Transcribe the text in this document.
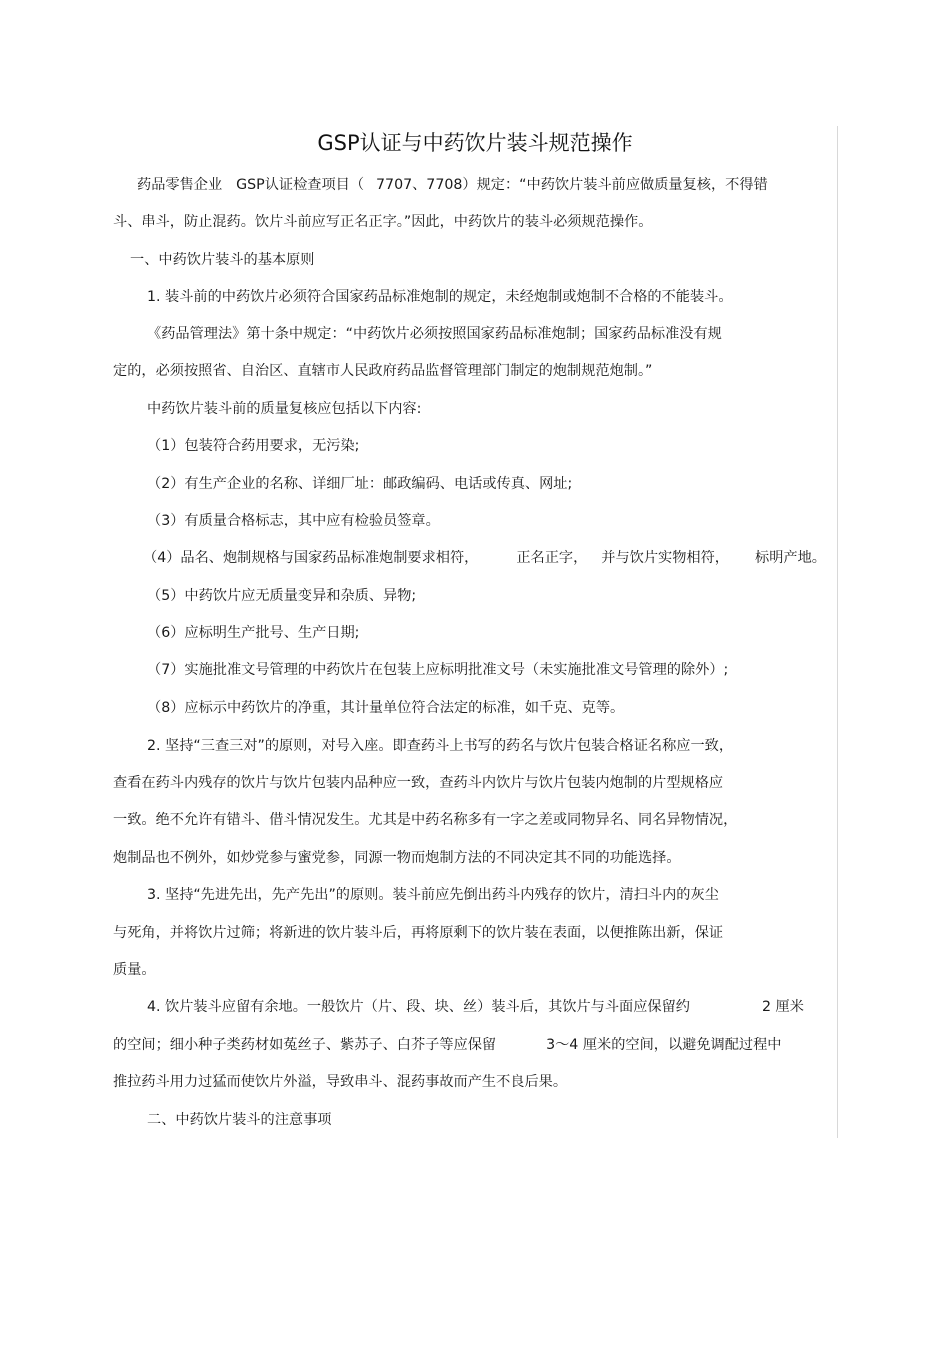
GSP认证与中药饮片装斗规范操作
药品零售企业 GSP认证检查项目（ 7707、7708）规定：“中药饮片装斗前应做质量复核，不得错
斗、串斗，防止混药。饮片斗前应写正名正字。”因此，中药饮片的装斗必须规范操作。
一、中药饮片装斗的基本原则
1. 装斗前的中药饮片必须符合国家药品标准炮制的规定，未经炮制或炮制不合格的不能装斗。
《药品管理法》第十条中规定：“中药饮片必须按照国家药品标准炮制；国家药品标准没有规
定的，必须按照省、自治区、直辖市人民政府药品监督管理部门制定的炮制规范炮制。”
中药饮片装斗前的质量复核应包括以下内容:
（1）包装符合药用要求，无污染;
（2）有生产企业的名称、详细厂址：邮政编码、电话或传真、网址;
（3）有质量合格标志，其中应有检验员签章。
（4）品名、炮制规格与国家药品标准炮制要求相符，	正名正字， 并与饮片实物相符， 标明产地。
（5）中药饮片应无质量变异和杂质、异物;
（6）应标明生产批号、生产日期;
（7）实施批准文号管理的中药饮片在包装上应标明批准文号（未实施批准文号管理的除外）;
（8）应标示中药饮片的净重，其计量单位符合法定的标准，如千克、克等。
2. 坚持“三查三对”的原则，对号入座。即查药斗上书写的药名与饮片包装合格证名称应一致，
查看在药斗内残存的饮片与饮片包装内品种应一致，查药斗内饮片与饮片包装内炮制的片型规格应
一致。绝不允许有错斗、借斗情况发生。尤其是中药名称多有一字之差或同物异名、同名异物情况，
炮制品也不例外，如炒党参与蜜党参，同源一物而炮制方法的不同决定其不同的功能选择。
3. 坚持“先进先出，先产先出”的原则。装斗前应先倒出药斗内残存的饮片，清扫斗内的灰尘
与死角，并将饮片过筛；将新进的饮片装斗后，再将原剩下的饮片装在表面，以便推陈出新，保证
质量。
4. 饮片装斗应留有余地。一般饮片（片、段、块、丝）装斗后，其饮片与斗面应保留约	2 厘米
的空间；细小种子类药材如菟丝子、紫苏子、白芥子等应保留	3～4 厘米的空间，以避免调配过程中
推拉药斗用力过猛而使饮片外溢，导致串斗、混药事故而产生不良后果。
二、中药饮片装斗的注意事项
